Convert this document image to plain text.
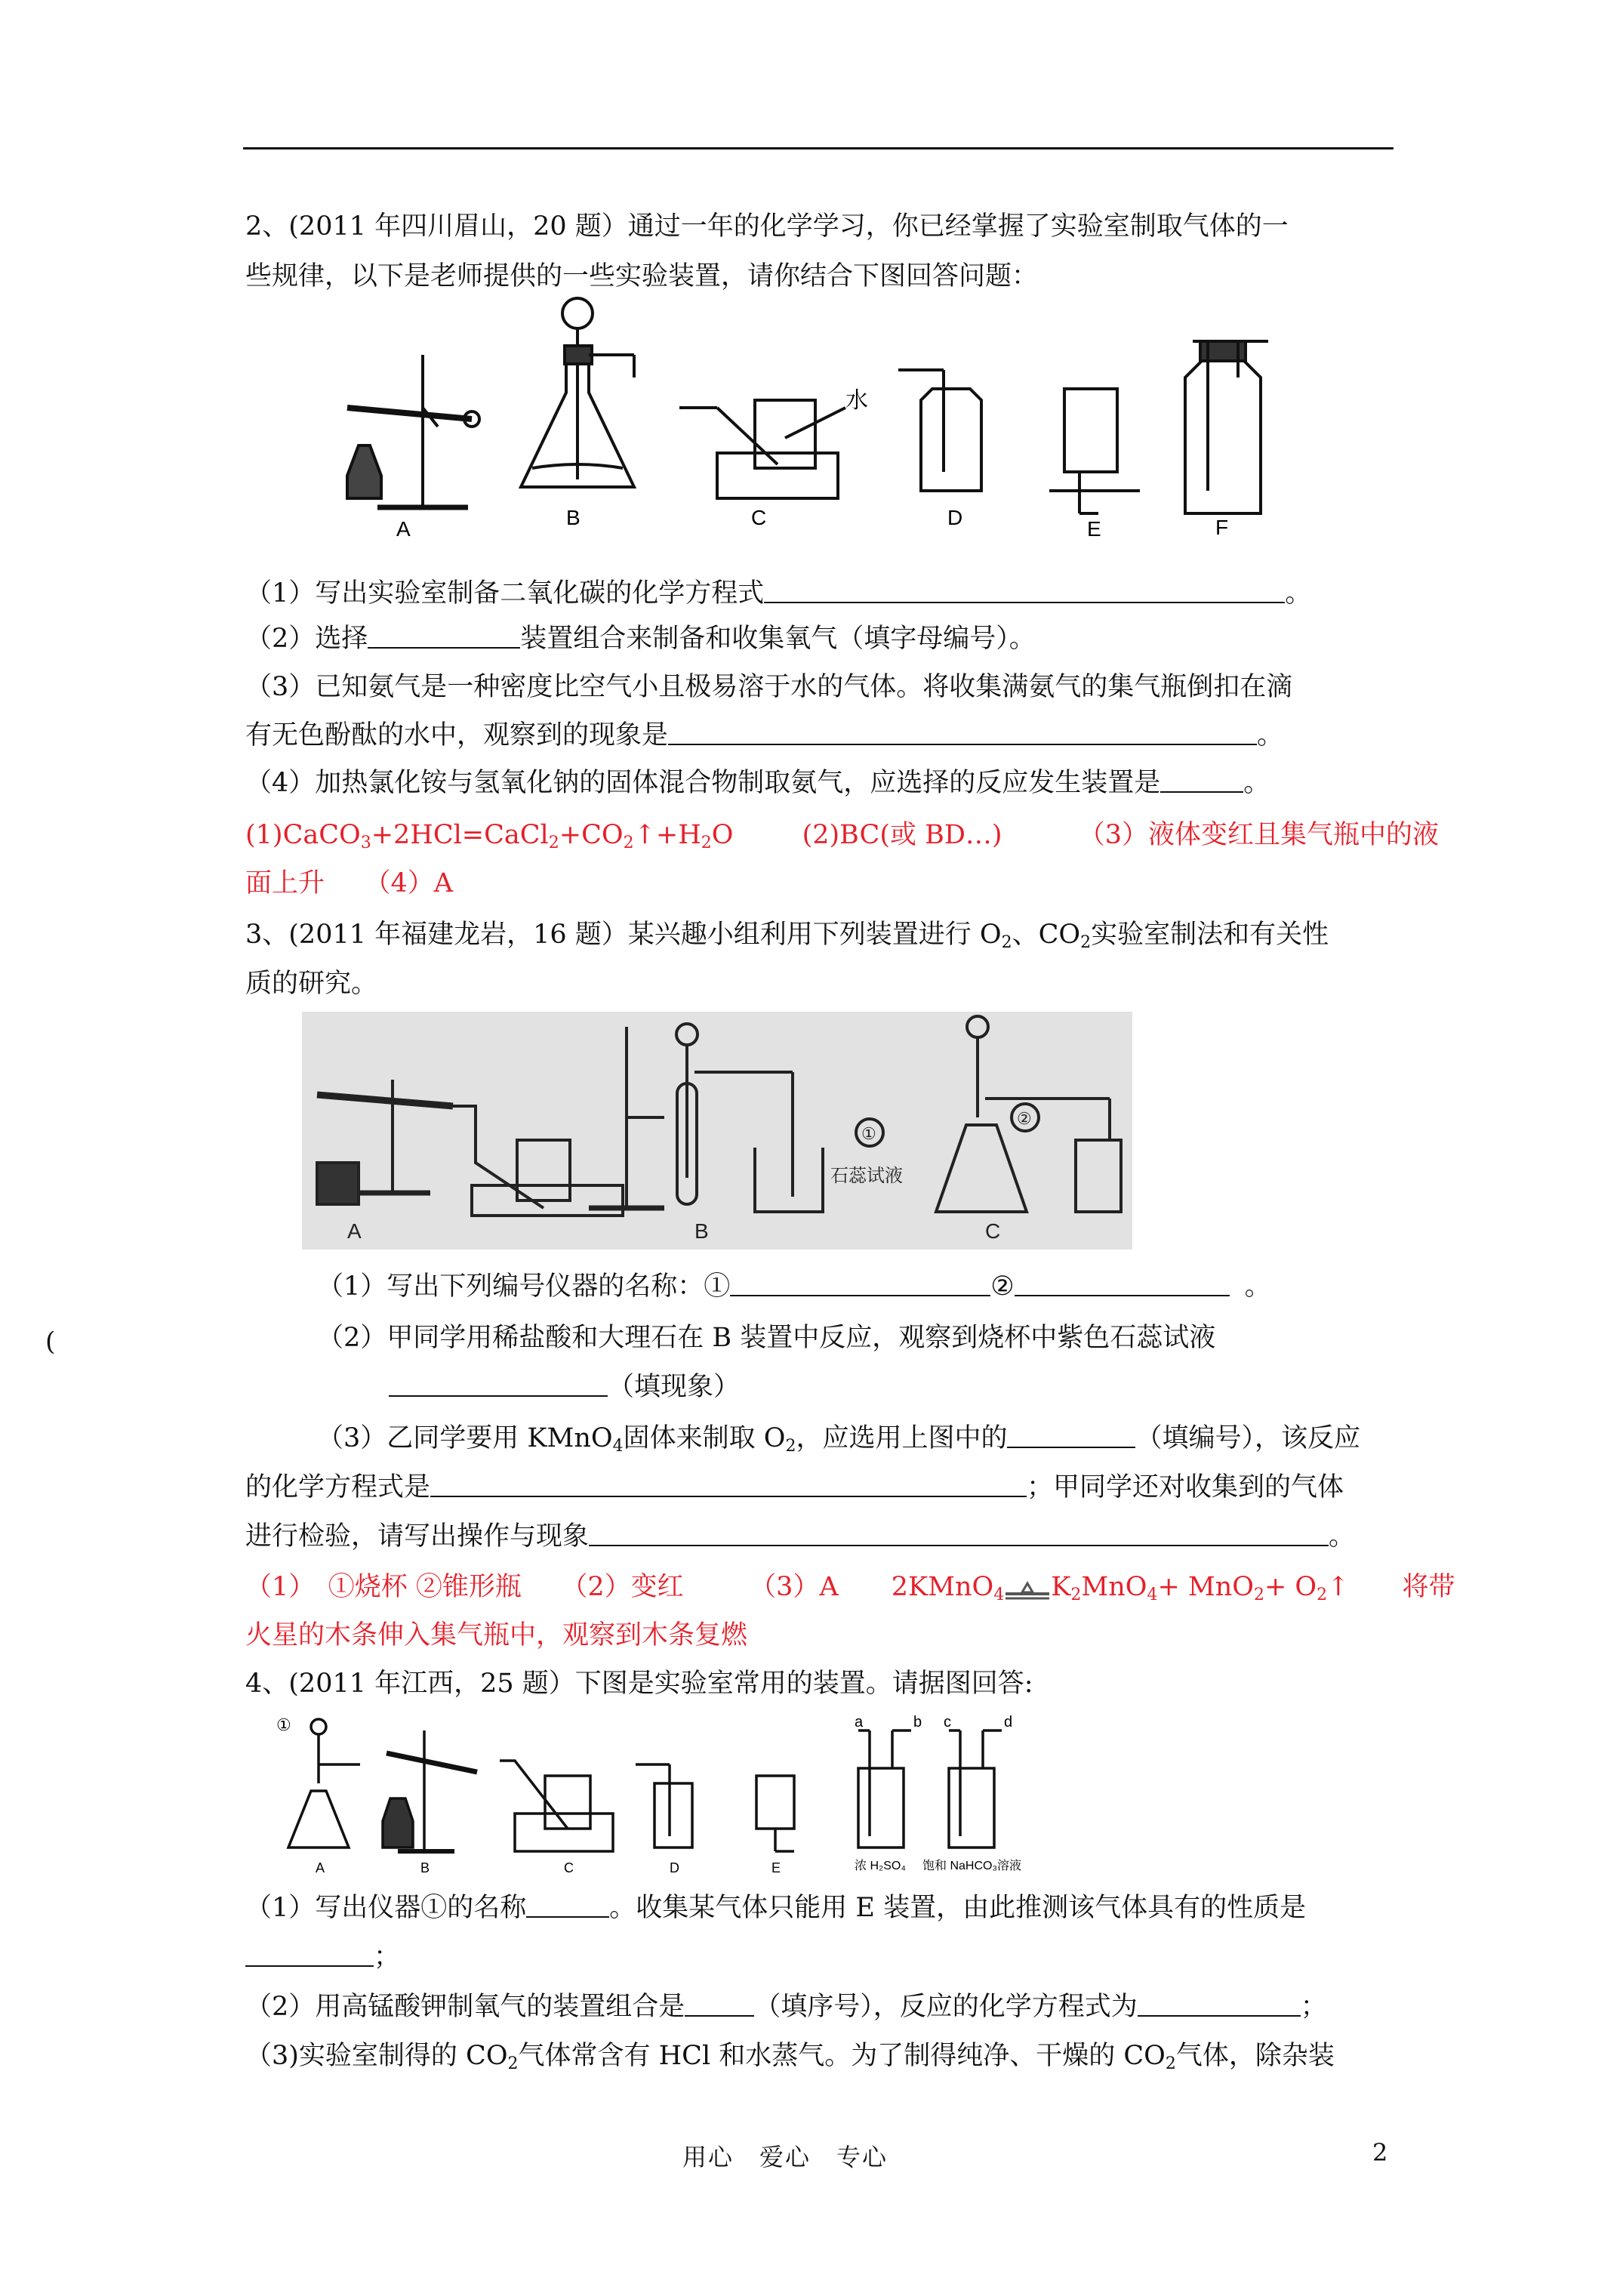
2、(2011 年四川眉山，20 题）通过一年的化学学习，你已经掌握了实验室制取气体的一
些规律，以下是老师提供的一些实验装置，请你结合下图回答问题：
A	B	C	D	E	F
水
（1）写出实验室制备二氧化碳的化学方程式	。
（2）选择	装置组合来制备和收集氧气（填字母编号）。
（3）已知氨气是一种密度比空气小且极易溶于水的气体。将收集满氨气的集气瓶倒扣在滴
有无色酚酞的水中，观察到的现象是	。
（4）加热氯化铵与氢氧化钠的固体混合物制取氨气，应选择的反应发生装置是	。
$(1)CaCO_3+2HCl=CaCl_2+CO_2↑+H_2O$	(2)BC(或 BD…)	（3）液体变红且集气瓶中的液
面上升　　（4）A
3、(2011 年福建龙岩，16 题）某兴趣小组利用下列装置进行 $O_2$、$CO_2$实验室制法和有关性
质的研究。
A	B	C
石蕊试液
①
②
（1）写出下列编号仪器的名称：①	②	。
(	（2）甲同学用稀盐酸和大理石在 B 装置中反应，观察到烧杯中紫色石蕊试液
（填现象）
（3）乙同学要用 KMnO$_4$固体来制取 $O_2$，应选用上图中的	（填编号），该反应
的化学方程式是	；甲同学还对收集到的气体
进行检验，请写出操作与现象	。
（1）　①烧杯 ②锥形瓶　　（2）变红　　　（3）A　　2KMnO$_4$ $K_2MnO_4+ MnO_2+$ $O_2↑$　　将带
火星的木条伸入集气瓶中，观察到木条复燃
4、(2011 年江西，25 题）下图是实验室常用的装置。请据图回答:
①
A	B	C	D	E
a	b c	d
浓 H₂SO₄ 饱和 NaHCO₃溶液
（1）写出仪器①的名称	。收集某气体只能用 E 装置，由此推测该气体具有的性质是
；
（2）用高锰酸钾制氧气的装置组合是	（填序号），反应的化学方程式为	；
（3)实验室制得的 $CO_2$气体常含有 HCl 和水蒸气。为了制得纯净、干燥的 $CO_2$气体，除杂装
用心　爱心　专心	2
